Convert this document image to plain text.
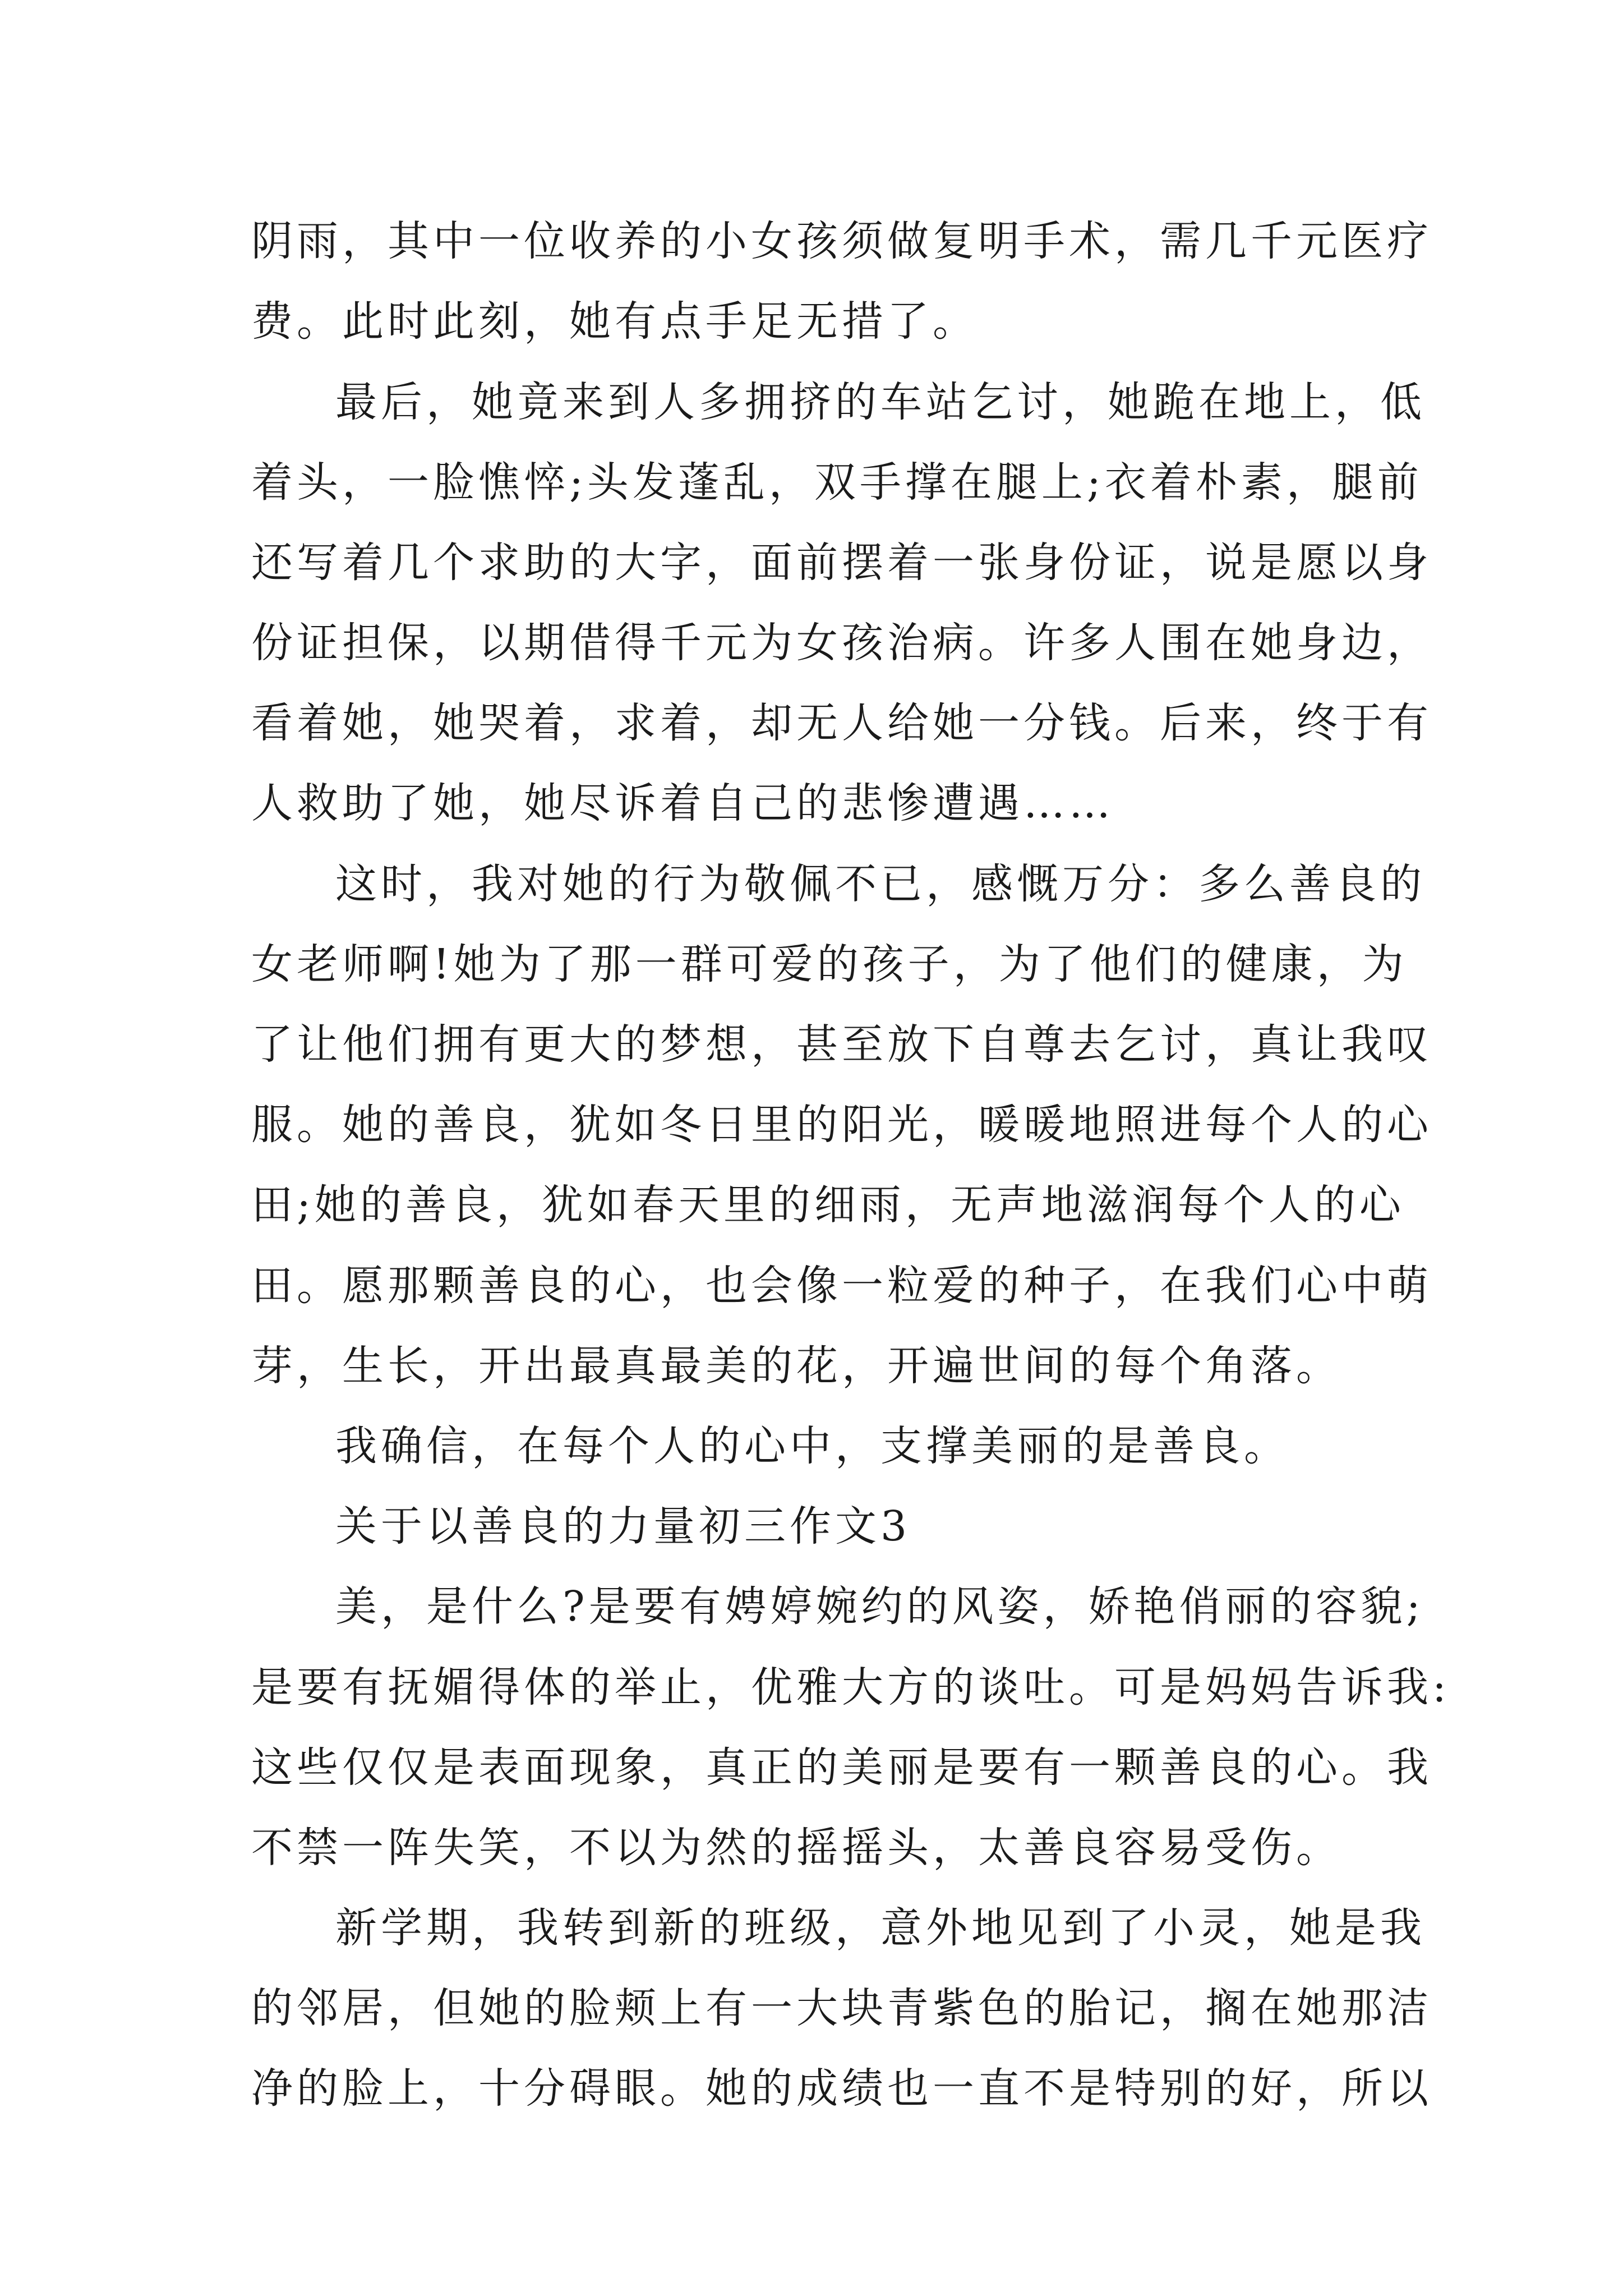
阴雨，其中一位收养的小女孩须做复明手术，需几千元医疗
费。此时此刻，她有点手足无措了。
最后，她竟来到人多拥挤的车站乞讨，她跪在地上，低
着头，一脸憔悴;头发蓬乱，双手撑在腿上;衣着朴素，腿前
还写着几个求助的大字，面前摆着一张身份证，说是愿以身
份证担保，以期借得千元为女孩治病。许多人围在她身边，
看着她，她哭着，求着，却无人给她一分钱。后来，终于有
人救助了她，她尽诉着自己的悲惨遭遇……
这时，我对她的行为敬佩不已，感慨万分：多么善良的
女老师啊!她为了那一群可爱的孩子，为了他们的健康，为
了让他们拥有更大的梦想，甚至放下自尊去乞讨，真让我叹
服。她的善良，犹如冬日里的阳光，暖暖地照进每个人的心
田;她的善良，犹如春天里的细雨，无声地滋润每个人的心
田。愿那颗善良的心，也会像一粒爱的种子，在我们心中萌
芽，生长，开出最真最美的花，开遍世间的每个角落。
我确信，在每个人的心中，支撑美丽的是善良。
关于以善良的力量初三作文3
美，是什么?是要有娉婷婉约的风姿，娇艳俏丽的容貌;
是要有抚媚得体的举止，优雅大方的谈吐。可是妈妈告诉我:
这些仅仅是表面现象，真正的美丽是要有一颗善良的心。我
不禁一阵失笑，不以为然的摇摇头，太善良容易受伤。
新学期，我转到新的班级，意外地见到了小灵，她是我
的邻居，但她的脸颊上有一大块青紫色的胎记，搁在她那洁
净的脸上，十分碍眼。她的成绩也一直不是特别的好，所以
